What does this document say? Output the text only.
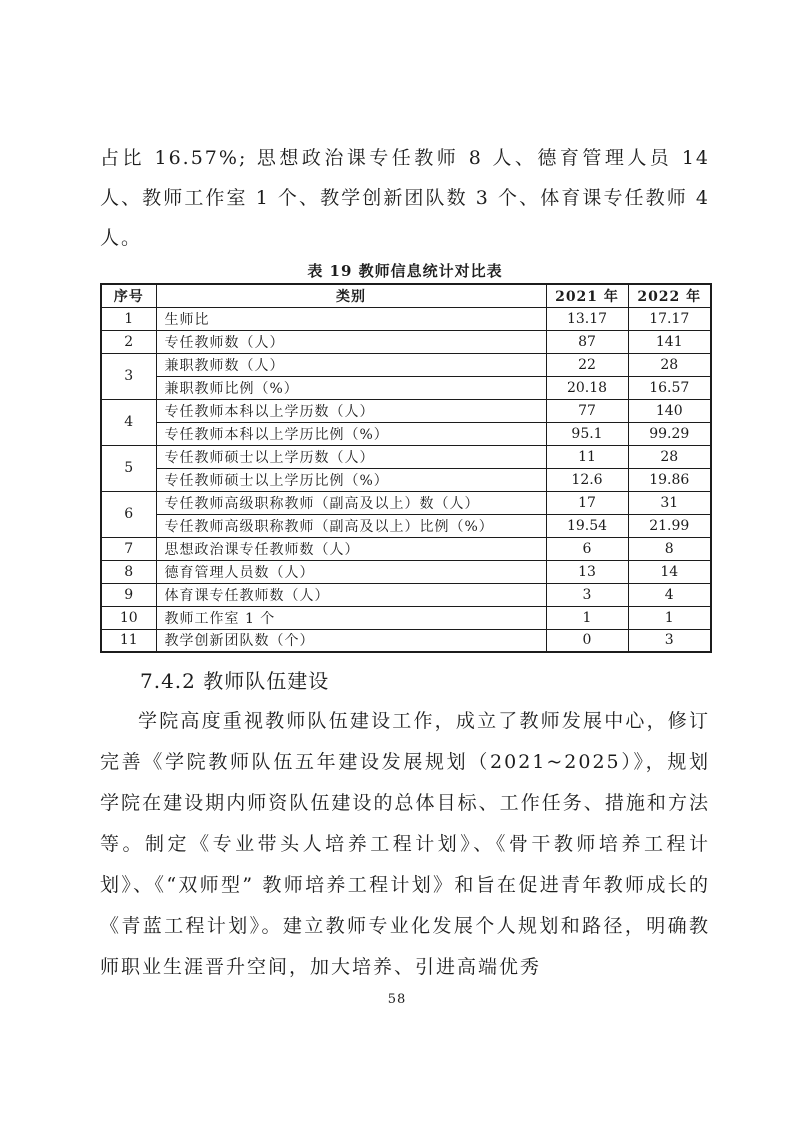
占比 16.57%; 思想政治课专任教师 8 人、德育管理人员 14 人、教师工作室 1 个、教学创新团队数 3 个、体育课专任教师 4 人。

表 19 教师信息统计对比表
序号	类别	2021 年	2022 年
1	生师比	13.17	17.17
2	专任教师数（人）	87	141
3	兼职教师数（人）	22	28
	兼职教师比例（%）	20.18	16.57
4	专任教师本科以上学历数（人）	77	140
	专任教师本科以上学历比例（%）	95.1	99.29
5	专任教师硕士以上学历数（人）	11	28
	专任教师硕士以上学历比例（%）	12.6	19.86
6	专任教师高级职称教师（副高及以上）数（人）	17	31
	专任教师高级职称教师（副高及以上）比例（%）	19.54	21.99
7	思想政治课专任教师数（人）	6	8
8	德育管理人员数（人）	13	14
9	体育课专任教师数（人）	3	4
10	教师工作室 1 个	1	1
11	教学创新团队数（个）	0	3
7.4.2 教师队伍建设

学院高度重视教师队伍建设工作，成立了教师发展中心，修订完善《学院教师队伍五年建设发展规划（2021~2025）》，规划学院在建设期内师资队伍建设的总体目标、工作任务、措施和方法等。制定《专业带头人培养工程计划》、《骨干教师培养工程计划》、《“双师型” 教师培养工程计划》和旨在促进青年教师成长的《青蓝工程计划》。建立教师专业化发展个人规划和路径，明确教师职业生涯晋升空间，加大培养、引进高端优秀

58
